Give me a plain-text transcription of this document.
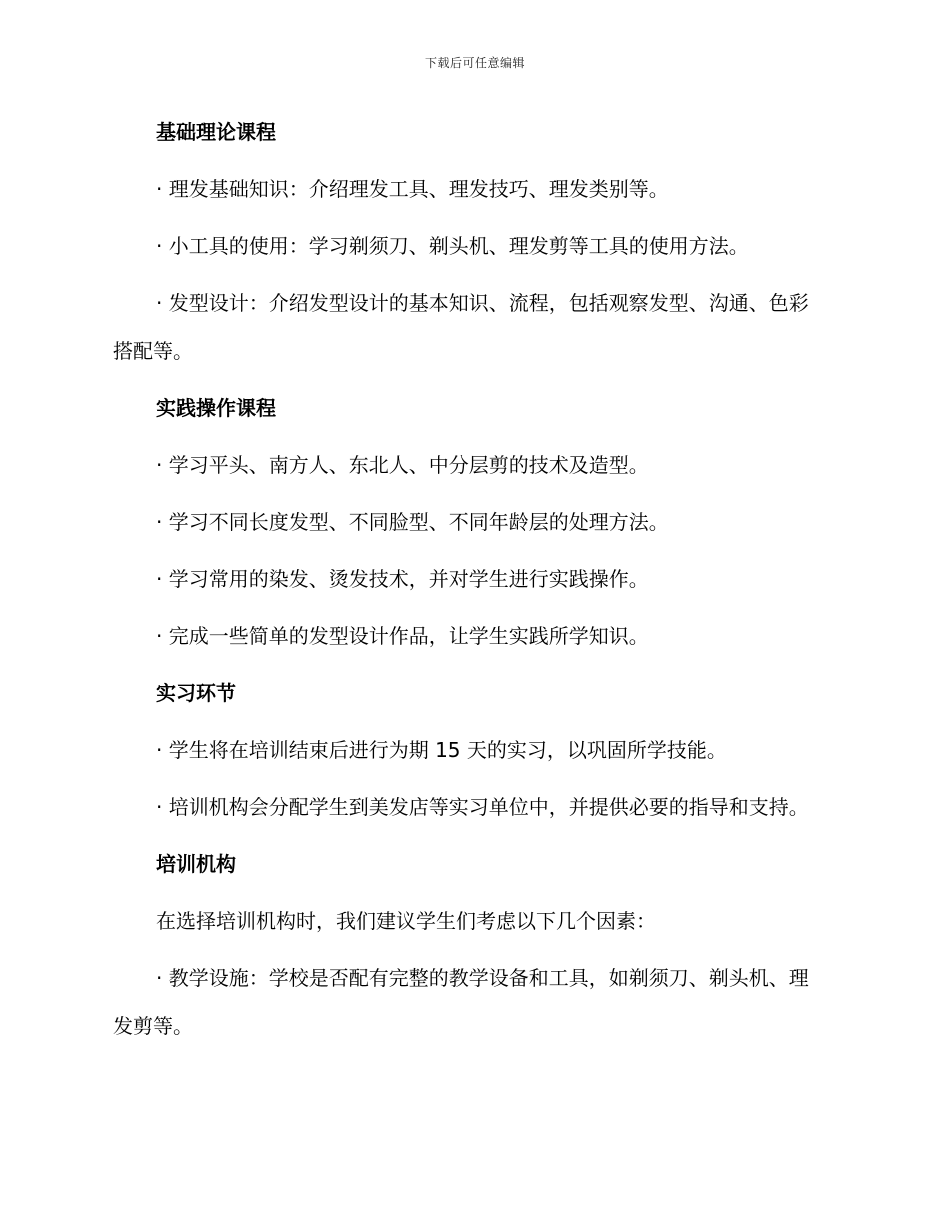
下载后可任意编辑

基础理论课程

· 理发基础知识：介绍理发工具、理发技巧、理发类别等。

· 小工具的使用：学习剃须刀、剃头机、理发剪等工具的使用方法。

· 发型设计：介绍发型设计的基本知识、流程，包括观察发型、沟通、色彩搭配等。

实践操作课程

· 学习平头、南方人、东北人、中分层剪的技术及造型。

· 学习不同长度发型、不同脸型、不同年龄层的处理方法。

· 学习常用的染发、烫发技术，并对学生进行实践操作。

· 完成一些简单的发型设计作品，让学生实践所学知识。

实习环节

· 学生将在培训结束后进行为期 15 天的实习，以巩固所学技能。

· 培训机构会分配学生到美发店等实习单位中，并提供必要的指导和支持。

培训机构

在选择培训机构时，我们建议学生们考虑以下几个因素：

· 教学设施：学校是否配有完整的教学设备和工具，如剃须刀、剃头机、理发剪等。
